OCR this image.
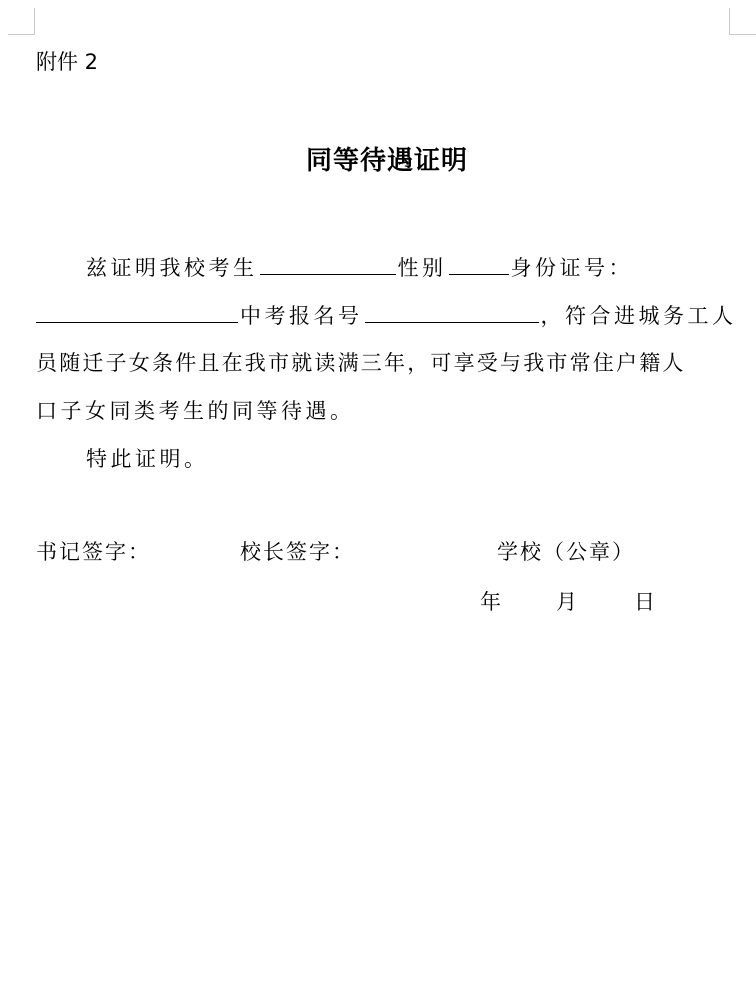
附件 2
同等待遇证明
兹证明我校考生	性别	身份证号：
中考报名号	，符合进城务工人
员随迁子女条件且在我市就读满三年，可享受与我市常住户籍人
口子女同类考生的同等待遇。
特此证明。
书记签字：	校长签字：	学校（公章）
年	月	日
